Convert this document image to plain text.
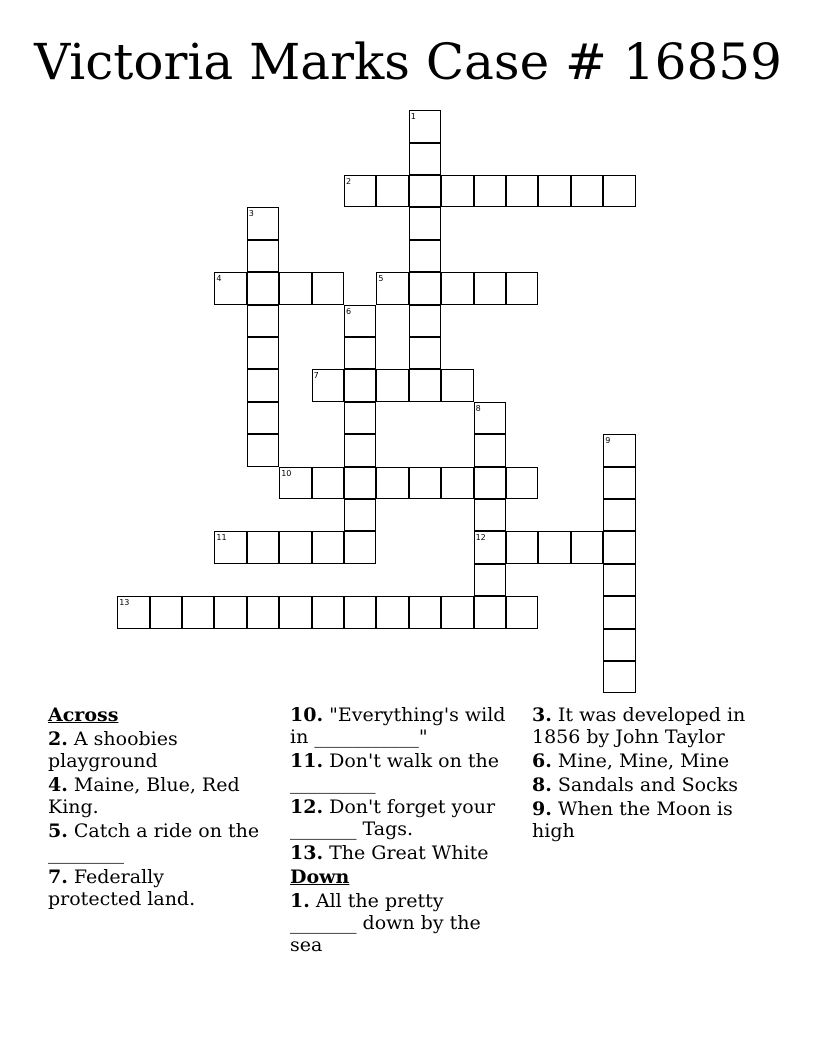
Victoria Marks Case # 16859
1
2
3
4	5
6
7
8
12
9
10
11
13
Across
2. A shoobies playground
4. Maine, Blue, Red King.
5. Catch a ride on the ________
7. Federally protected land.
10. "Everything's wild in ___________"
11. Don't walk on the _________
12. Don't forget your _______ Tags.
13. The Great White
Down
1. All the pretty _______ down by the sea
3. It was developed in 1856 by John Taylor
6. Mine, Mine, Mine
8. Sandals and Socks
9. When the Moon is high
